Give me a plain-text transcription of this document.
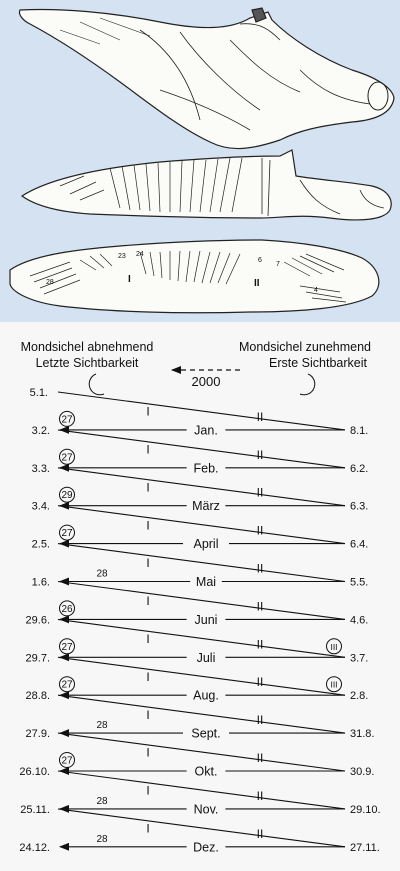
23 24
28	I	II
6
7
4
Mondsichel abnehmend
Letzte Sichtbarkeit
Mondsichel zunehmend
Erste Sichtbarkeit
2000
5.1.
I	II
Jan.
3.2.	8.1.
27
I	II
Feb.
3.3.	6.2.
27
I	II
März
3.4.	6.3.
29
I	II
April
2.5.	6.4.
27
I	II
Mai
1.6.	5.5.
28
I	II
Juni
29.6.	4.6.
26
I	II
Juli
29.7.	3.7.
27	III
I	II
Aug.
28.8.	2.8.
27	III
I	II
Sept.
27.9.	31.8.
28
I	II
Okt.
26.10.	30.9.
27
I	II
Nov.
25.11.	29.10.
28
I	II
Dez.
24.12.	27.11.
28
